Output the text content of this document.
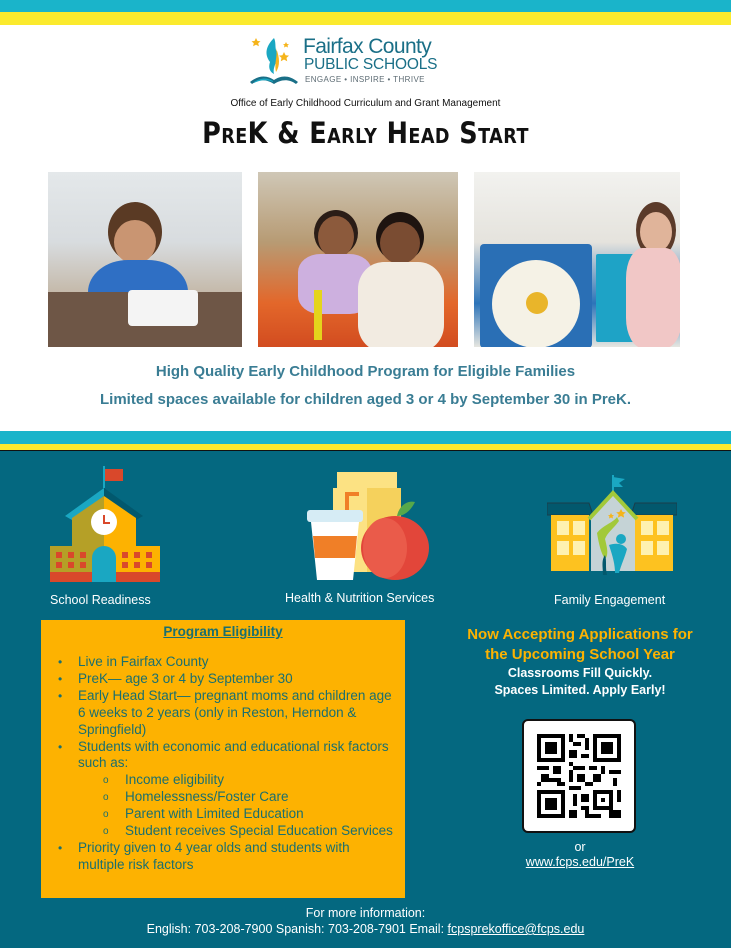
Fairfax County
PUBLIC SCHOOLS
ENGAGE • INSPIRE • THRIVE
Office of Early Childhood Curriculum and Grant Management
PreK & Early Head Start
High Quality Early Childhood Program for Eligible Families
Limited spaces available for children aged 3 or 4 by September 30 in PreK.
School Readiness	Health & Nutrition Services	Family Engagement
Program Eligibility
• Live in Fairfax County
• PreK— age 3 or 4 by September 30
• Early Head Start— pregnant moms and children age 6 weeks to 2 years (only in Reston, Herndon & Springfield)
• Students with economic and educational risk factors such as:
o Income eligibility
o Homelessness/Foster Care
o Parent with Limited Education
o Student receives Special Education Services
• Priority given to 4 year olds and students with multiple risk factors
Now Accepting Applications for
the Upcoming School Year
Classrooms Fill Quickly.
Spaces Limited. Apply Early!
or
www.fcps.edu/PreK
For more information:
English: 703-208-7900 Spanish: 703-208-7901 Email: fcpsprekoffice@fcps.edu
